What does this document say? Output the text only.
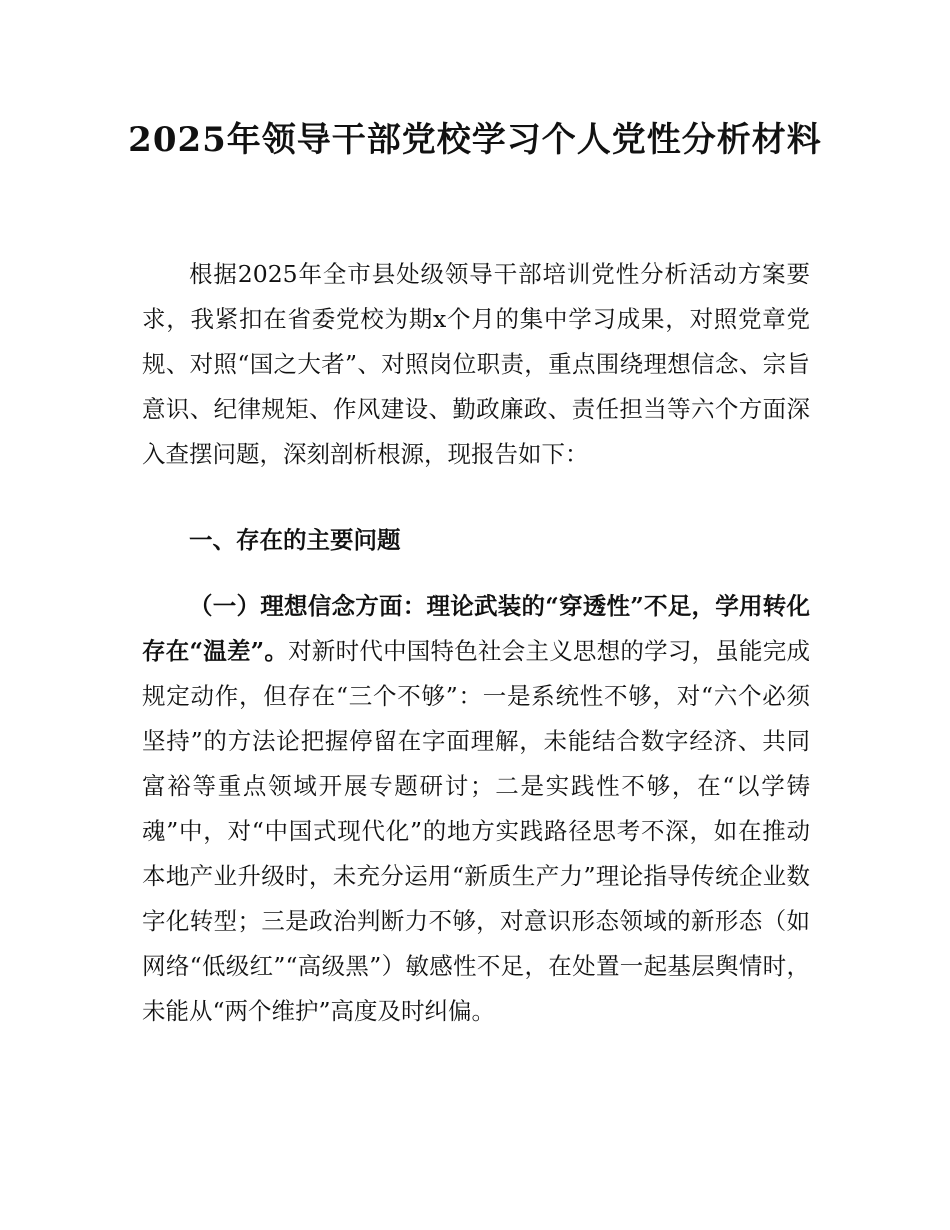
2025年领导干部党校学习个人党性分析材料

根据2025年全市县处级领导干部培训党性分析活动方案要求，我紧扣在省委党校为期x个月的集中学习成果，对照党章党规、对照“国之大者”、对照岗位职责，重点围绕理想信念、宗旨意识、纪律规矩、作风建设、勤政廉政、责任担当等六个方面深入查摆问题，深刻剖析根源，现报告如下：

一、存在的主要问题

（一）理想信念方面：理论武装的“穿透性”不足，学用转化存在“温差”。对新时代中国特色社会主义思想的学习，虽能完成规定动作，但存在“三个不够”：一是系统性不够，对“六个必须坚持”的方法论把握停留在字面理解，未能结合数字经济、共同富裕等重点领域开展专题研讨；二是实践性不够，在“以学铸魂”中，对“中国式现代化”的地方实践路径思考不深，如在推动本地产业升级时，未充分运用“新质生产力”理论指导传统企业数字化转型；三是政治判断力不够，对意识形态领域的新形态（如网络“低级红”“高级黑”）敏感性不足，在处置一起基层舆情时，未能从“两个维护”高度及时纠偏。
